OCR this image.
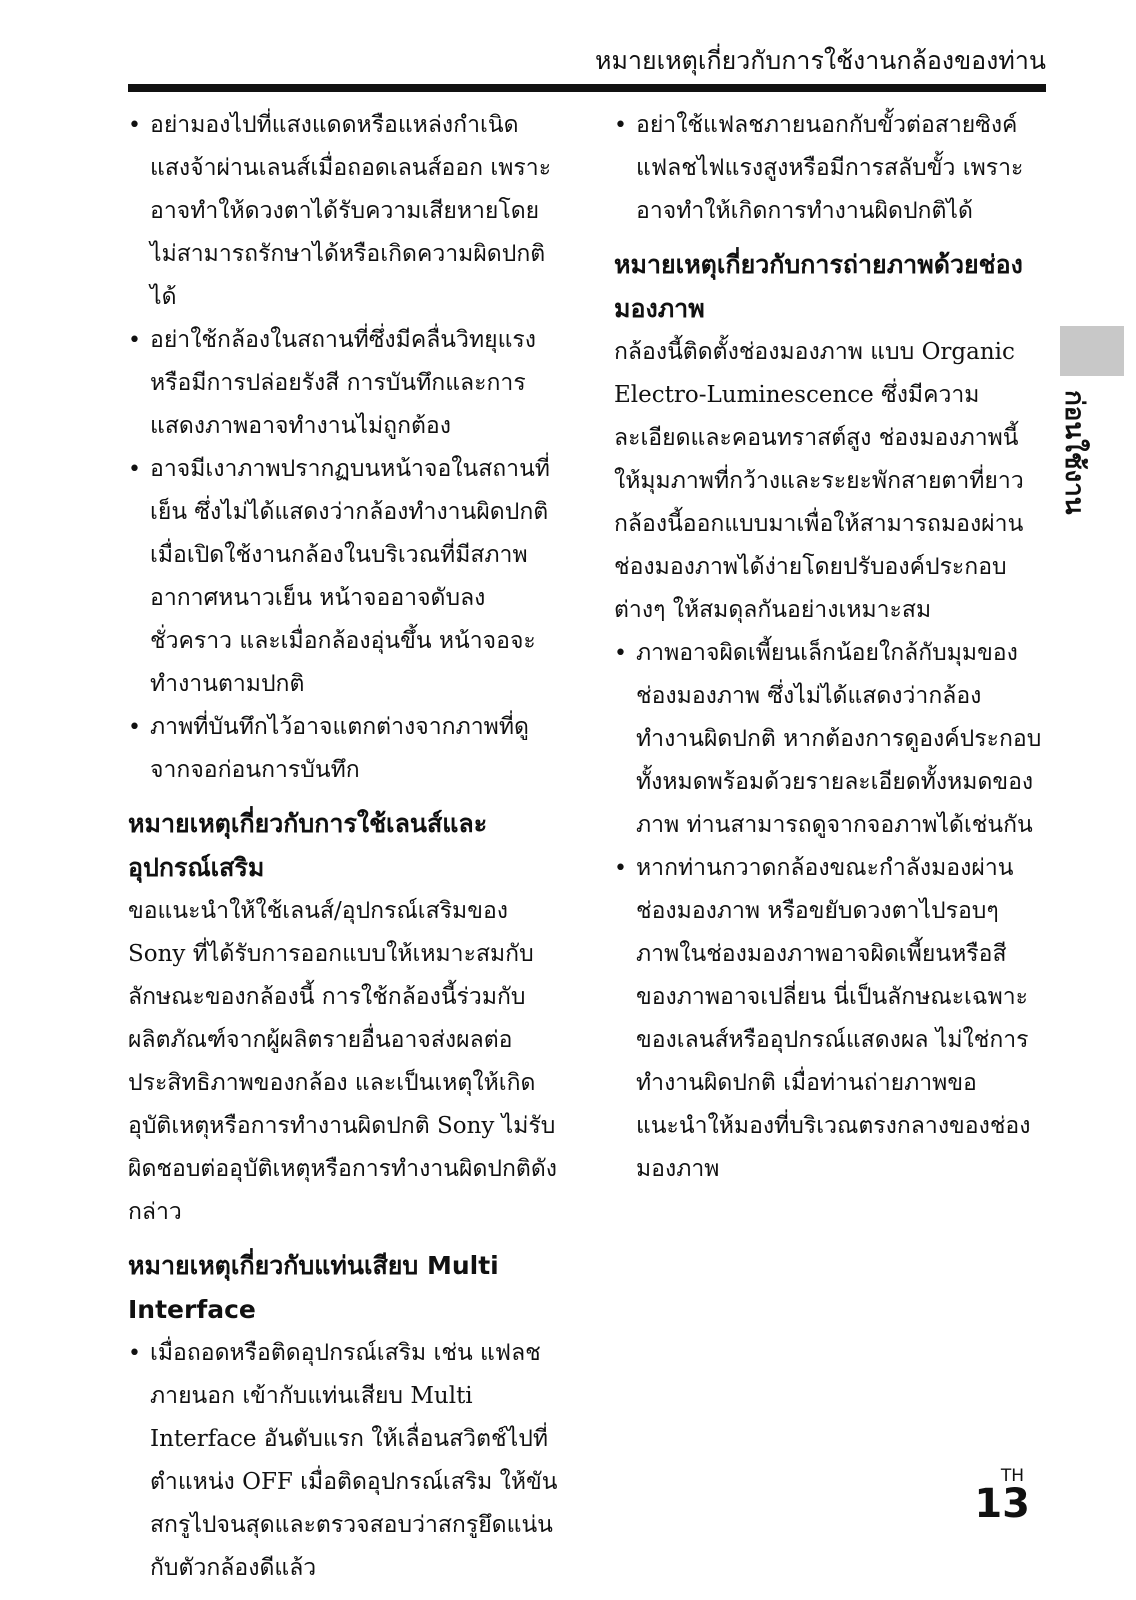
หมายเหตุเกี่ยวกับการใช้งานกล้องของท่าน
• อย่ามองไปที่แสงแดดหรือแหล่งกำเนิดแสงจ้าผ่านเลนส์เมื่อถอดเลนส์ออก เพราะอาจทำให้ดวงตาได้รับความเสียหายโดยไม่สามารถรักษาได้หรือเกิดความผิดปกติได้
• อย่าใช้กล้องในสถานที่ซึ่งมีคลื่นวิทยุแรง หรือมีการปล่อยรังสี การบันทึกและการแสดงภาพอาจทำงานไม่ถูกต้อง
• อาจมีเงาภาพปรากฏบนหน้าจอในสถานที่เย็น ซึ่งไม่ได้แสดงว่ากล้องทำงานผิดปกติ เมื่อเปิดใช้งานกล้องในบริเวณที่มีสภาพอากาศหนาวเย็น หน้าจออาจดับลงชั่วคราว และเมื่อกล้องอุ่นขึ้น หน้าจอจะทำงานตามปกติ
• ภาพที่บันทึกไว้อาจแตกต่างจากภาพที่ดูจากจอก่อนการบันทึก
หมายเหตุเกี่ยวกับการใช้เลนส์และอุปกรณ์เสริม

ขอแนะนำให้ใช้เลนส์/อุปกรณ์เสริมของ Sony ที่ได้รับการออกแบบให้เหมาะสมกับลักษณะของกล้องนี้ การใช้กล้องนี้ร่วมกับผลิตภัณฑ์จากผู้ผลิตรายอื่นอาจส่งผลต่อประสิทธิภาพของกล้อง และเป็นเหตุให้เกิดอุบัติเหตุหรือการทำงานผิดปกติ Sony ไม่รับผิดชอบต่ออุบัติเหตุหรือการทำงานผิดปกติดังกล่าว

หมายเหตุเกี่ยวกับแท่นเสียบ Multi Interface
• เมื่อถอดหรือติดอุปกรณ์เสริม เช่น แฟลชภายนอก เข้ากับแท่นเสียบ Multi Interface อันดับแรก ให้เลื่อนสวิตช์ไปที่ตำแหน่ง OFF เมื่อติดอุปกรณ์เสริม ให้ขันสกรูไปจนสุดและตรวจสอบว่าสกรูยึดแน่นกับตัวกล้องดีแล้ว
• อย่าใช้แฟลชภายนอกกับขั้วต่อสายซิงค์แฟลชไฟแรงสูงหรือมีการสลับขั้ว เพราะอาจทำให้เกิดการทำงานผิดปกติได้
หมายเหตุเกี่ยวกับการถ่ายภาพด้วยช่องมองภาพ

กล้องนี้ติดตั้งช่องมองภาพ แบบ Organic Electro-Luminescence ซึ่งมีความละเอียดและคอนทราสต์สูง ช่องมองภาพนี้ให้มุมภาพที่กว้างและระยะพักสายตาที่ยาว กล้องนี้ออกแบบมาเพื่อให้สามารถมองผ่านช่องมองภาพได้ง่ายโดยปรับองค์ประกอบต่างๆ ให้สมดุลกันอย่างเหมาะสม

• ภาพอาจผิดเพี้ยนเล็กน้อยใกล้กับมุมของช่องมองภาพ ซึ่งไม่ได้แสดงว่ากล้องทำงานผิดปกติ หากต้องการดูองค์ประกอบทั้งหมดพร้อมด้วยรายละเอียดทั้งหมดของภาพ ท่านสามารถดูจากจอภาพได้เช่นกัน
• หากท่านกวาดกล้องขณะกำลังมองผ่านช่องมองภาพ หรือขยับดวงตาไปรอบๆ ภาพในช่องมองภาพอาจผิดเพี้ยนหรือสีของภาพอาจเปลี่ยน นี่เป็นลักษณะเฉพาะของเลนส์หรืออุปกรณ์แสดงผล ไม่ใช่การทำงานผิดปกติ เมื่อท่านถ่ายภาพขอแนะนำให้มองที่บริเวณตรงกลางของช่องมองภาพ
ก่อนใช้งาน
TH
13
